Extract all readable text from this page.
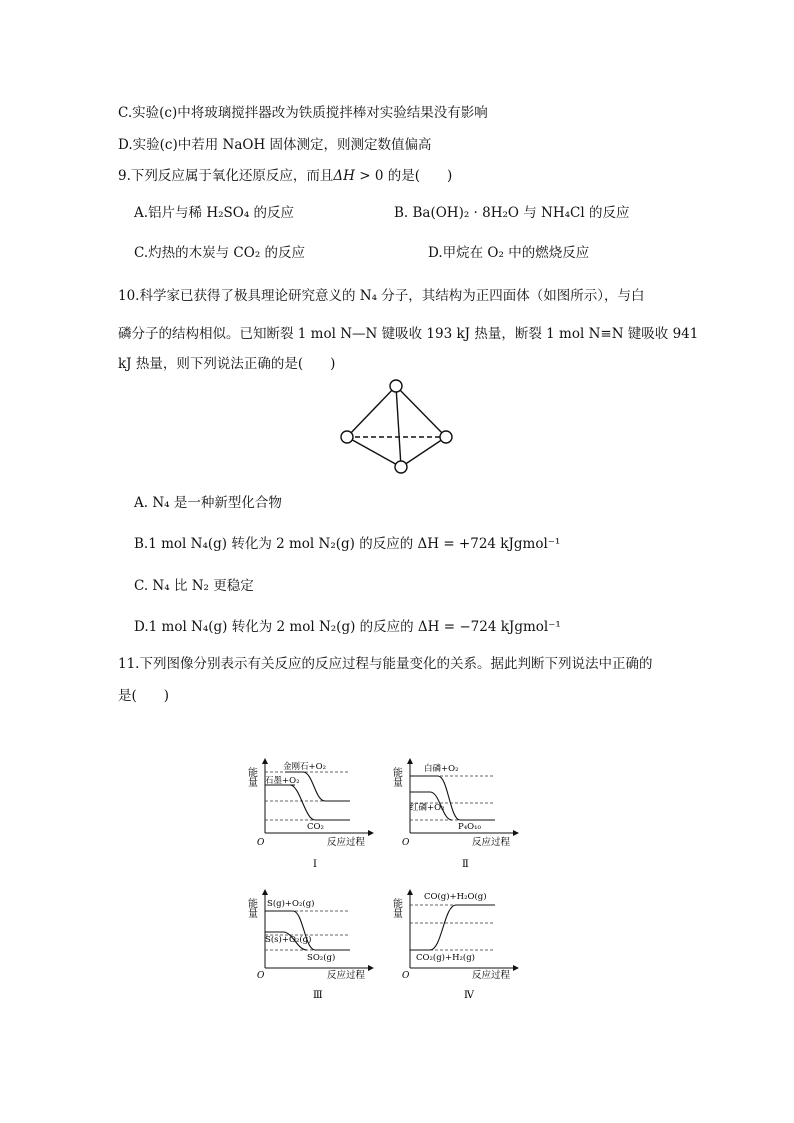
C.实验(c)中将玻璃搅拌器改为铁质搅拌棒对实验结果没有影响
D.实验(c)中若用 NaOH 固体测定，则测定数值偏高
9.下列反应属于氧化还原反应，而且ΔH > 0 的是(　　)
A.铝片与稀 H₂SO₄ 的反应	B. Ba(OH)₂ · 8H₂O 与 NH₄Cl 的反应
C.灼热的木炭与 CO₂ 的反应	D.甲烷在 O₂ 中的燃烧反应
10.科学家已获得了极具理论研究意义的 N₄ 分子，其结构为正四面体（如图所示），与白
磷分子的结构相似。已知断裂 1 mol N—N 键吸收 193 kJ 热量，断裂 1 mol N≡N 键吸收 941
kJ 热量，则下列说法正确的是(　　)
A. N₄ 是一种新型化合物
B.1 mol N₄(g) 转化为 2 mol N₂(g) 的反应的 ΔH = +724 kJgmol⁻¹
C. N₄ 比 N₂ 更稳定
D.1 mol N₄(g) 转化为 2 mol N₂(g) 的反应的 ΔH = −724 kJgmol⁻¹
11.下列图像分别表示有关反应的反应过程与能量变化的关系。据此判断下列说法中正确的
是(　　)
能量	金刚石+O₂
石墨+O₂
CO₂
O	反应过程
Ⅰ
能量	白磷+O₂
红磷+O₂
P₄O₁₀
O	反应过程
Ⅱ
能量 S(g)+O₂(g)
S(s)+O₂(g)
SO₂(g)
O	反应过程
Ⅲ
能量
CO(g)+H₂O(g)
CO₂(g)+H₂(g)
O	反应过程
Ⅳ
